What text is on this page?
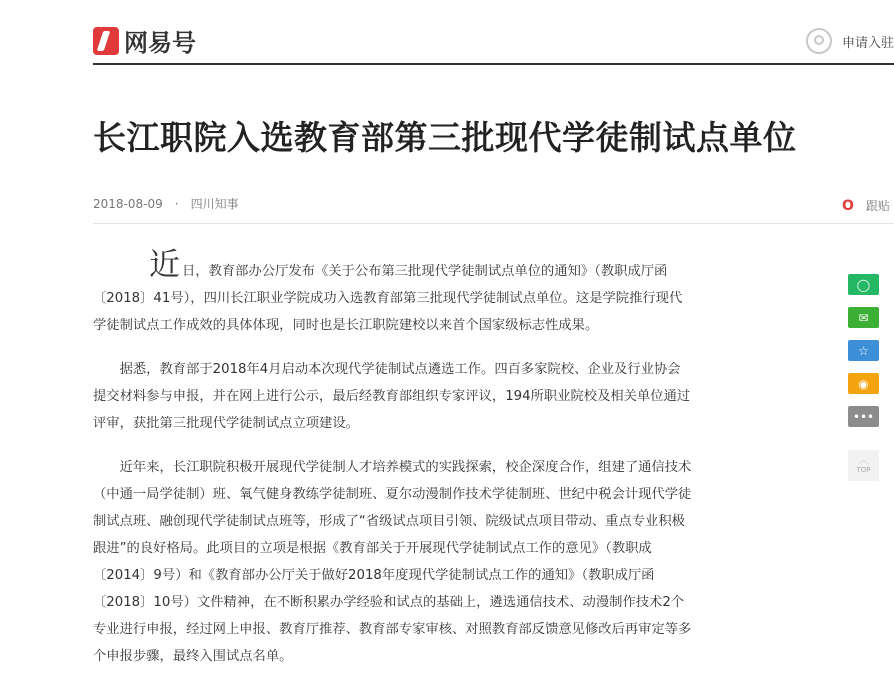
网易号	申请入驻
长江职院入选教育部第三批现代学徒制试点单位
2018-08-09 · 四川知事	O 跟贴

近日，教育部办公厅发布《关于公布第三批现代学徒制试点单位的通知》（教职成厅函〔2018〕41号），四川长江职业学院成功入选教育部第三批现代学徒制试点单位。这是学院推行现代学徒制试点工作成效的具体体现，同时也是长江职院建校以来首个国家级标志性成果。

据悉，教育部于2018年4月启动本次现代学徒制试点遴选工作。四百多家院校、企业及行业协会提交材料参与申报，并在网上进行公示，最后经教育部组织专家评议，194所职业院校及相关单位通过评审，获批第三批现代学徒制试点立项建设。

近年来，长江职院积极开展现代学徒制人才培养模式的实践探索，校企深度合作，组建了通信技术（中通一局学徒制）班、氧气健身教练学徒制班、夏尔动漫制作技术学徒制班、世纪中税会计现代学徒制试点班、融创现代学徒制试点班等，形成了“省级试点项目引领、院级试点项目带动、重点专业积极跟进”的良好格局。此项目的立项是根据《教育部关于开展现代学徒制试点工作的意见》（教职成〔2014〕9号）和《教育部办公厅关于做好2018年度现代学徒制试点工作的通知》（教职成厅函〔2018〕10号）文件精神，在不断积累办学经验和试点的基础上，遴选通信技术、动漫制作技术2个专业进行申报，经过网上申报、教育厅推荐、教育部专家审核、对照教育部反馈意见修改后再审定等多个申报步骤，最终入围试点名单。

◯
✉
☆
◉
•••
︿
TOP
